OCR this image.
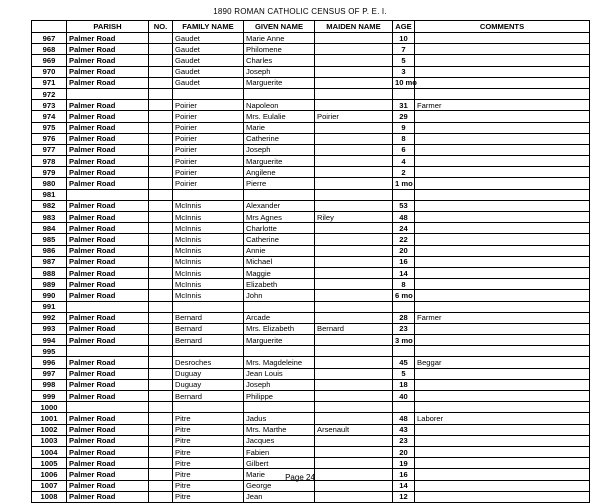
1890 ROMAN CATHOLIC CENSUS OF P. E. I.
	PARISH	NO.	FAMILY NAME	GIVEN NAME	MAIDEN NAME	AGE	COMMENTS
967	Palmer Road		Gaudet	Marie Anne		10	
968	Palmer Road		Gaudet	Philomene		7	
969	Palmer Road		Gaudet	Charles		5	
970	Palmer Road		Gaudet	Joseph		3	
971	Palmer Road		Gaudet	Marguerite		10 mo	
972							
973	Palmer Road		Poirier	Napoleon		31	Farmer
974	Palmer Road		Poirier	Mrs. Eulalie	Poirier	29	
975	Palmer Road		Poirier	Marie		9	
976	Palmer Road		Poirier	Catherine		8	
977	Palmer Road		Poirier	Joseph		6	
978	Palmer Road		Poirier	Marguerite		4	
979	Palmer Road		Poirier	Angilene		2	
980	Palmer Road		Poirier	Pierre		1 mo	
981							
982	Palmer Road		McInnis	Alexander		53	
983	Palmer Road		McInnis	Mrs Agnes	Riley	48	
984	Palmer Road		McInnis	Charlotte		24	
985	Palmer Road		McInnis	Catherine		22	
986	Palmer Road		McInnis	Annie		20	
987	Palmer Road		McInnis	Michael		16	
988	Palmer Road		McInnis	Maggie		14	
989	Palmer Road		McInnis	Elizabeth		8	
990	Palmer Road		McInnis	John		6 mo	
991							
992	Palmer Road		Bernard	Arcade		28	Farmer
993	Palmer Road		Bernard	Mrs. Elizabeth	Bernard	23	
994	Palmer Road		Bernard	Marguerite		3 mo	
995							
996	Palmer Road		Desroches	Mrs. Magdeleine		45	Beggar
997	Palmer Road		Duguay	Jean Louis		5	
998	Palmer Road		Duguay	Joseph		18	
999	Palmer Road		Bernard	Philippe		40	
1000							
1001	Palmer Road		Pitre	Jadus		48	Laborer
1002	Palmer Road		Pitre	Mrs. Marthe	Arsenault	43	
1003	Palmer Road		Pitre	Jacques		23	
1004	Palmer Road		Pitre	Fabien		20	
1005	Palmer Road		Pitre	Gilbert		19	
1006	Palmer Road		Pitre	Marie		16	
1007	Palmer Road		Pitre	George		14	
1008	Palmer Road		Pitre	Jean		12	
Page 24
